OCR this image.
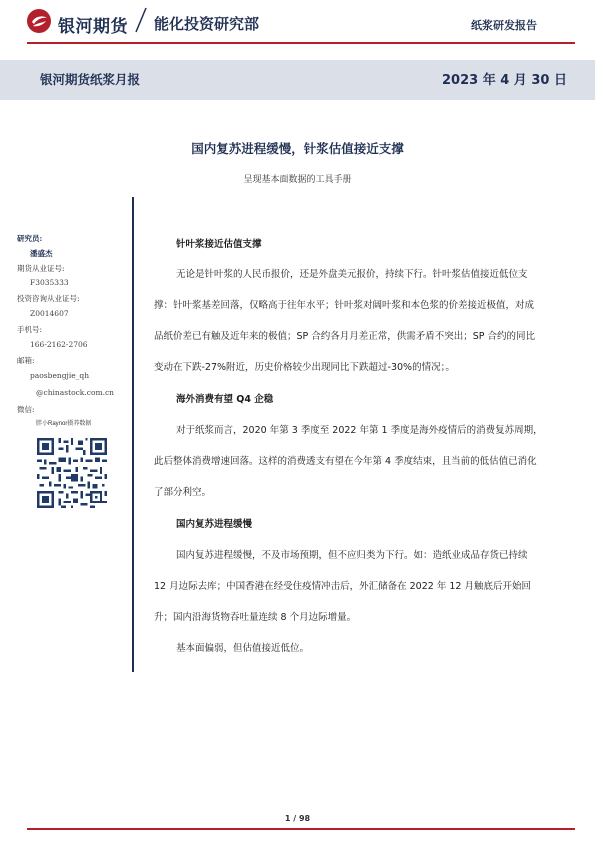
银河期货 能化投资研究部	纸浆研发报告
银河期货纸浆月报	2023 年 4 月 30 日
国内复苏进程缓慢，针浆估值接近支撑
呈现基本面数据的工具手册
研究员:
潘盛杰
期货从业证号:
F3035333
投资咨询从业证号:
Z0014607
手机号:
166-2162-2706
邮箱:
paosbengjie_qh
@chinastock.com.cn
微信:
胖小Raynor摄养数据
针叶浆接近估值支撑
无论是针叶浆的人民币报价，还是外盘美元报价，持续下行。针叶浆估值接近低位支
撑：针叶浆基差回落，仅略高于往年水平；针叶浆对阔叶浆和本色浆的价差接近极值，对成
品纸价差已有触及近年来的极值；SP 合约各月月差正常，供需矛盾不突出；SP 合约的同比
变动在下跌-27%附近，历史价格较少出现同比下跌超过-30%的情况；。
海外消费有望 Q4 企稳
对于纸浆而言，2020 年第 3 季度至 2022 年第 1 季度是海外疫情后的消费复苏周期，
此后整体消费增速回落。这样的消费透支有望在今年第 4 季度结束，且当前的低估值已消化
了部分利空。
国内复苏进程缓慢
国内复苏进程缓慢，不及市场预期，但不应归类为下行。如：造纸业成品存货已持续
12 月边际去库；中国香港在经受住疫情冲击后，外汇储备在 2022 年 12 月触底后开始回
升；国内沿海货物吞吐量连续 8 个月边际增量。
基本面偏弱，但估值接近低位。
1 / 98
